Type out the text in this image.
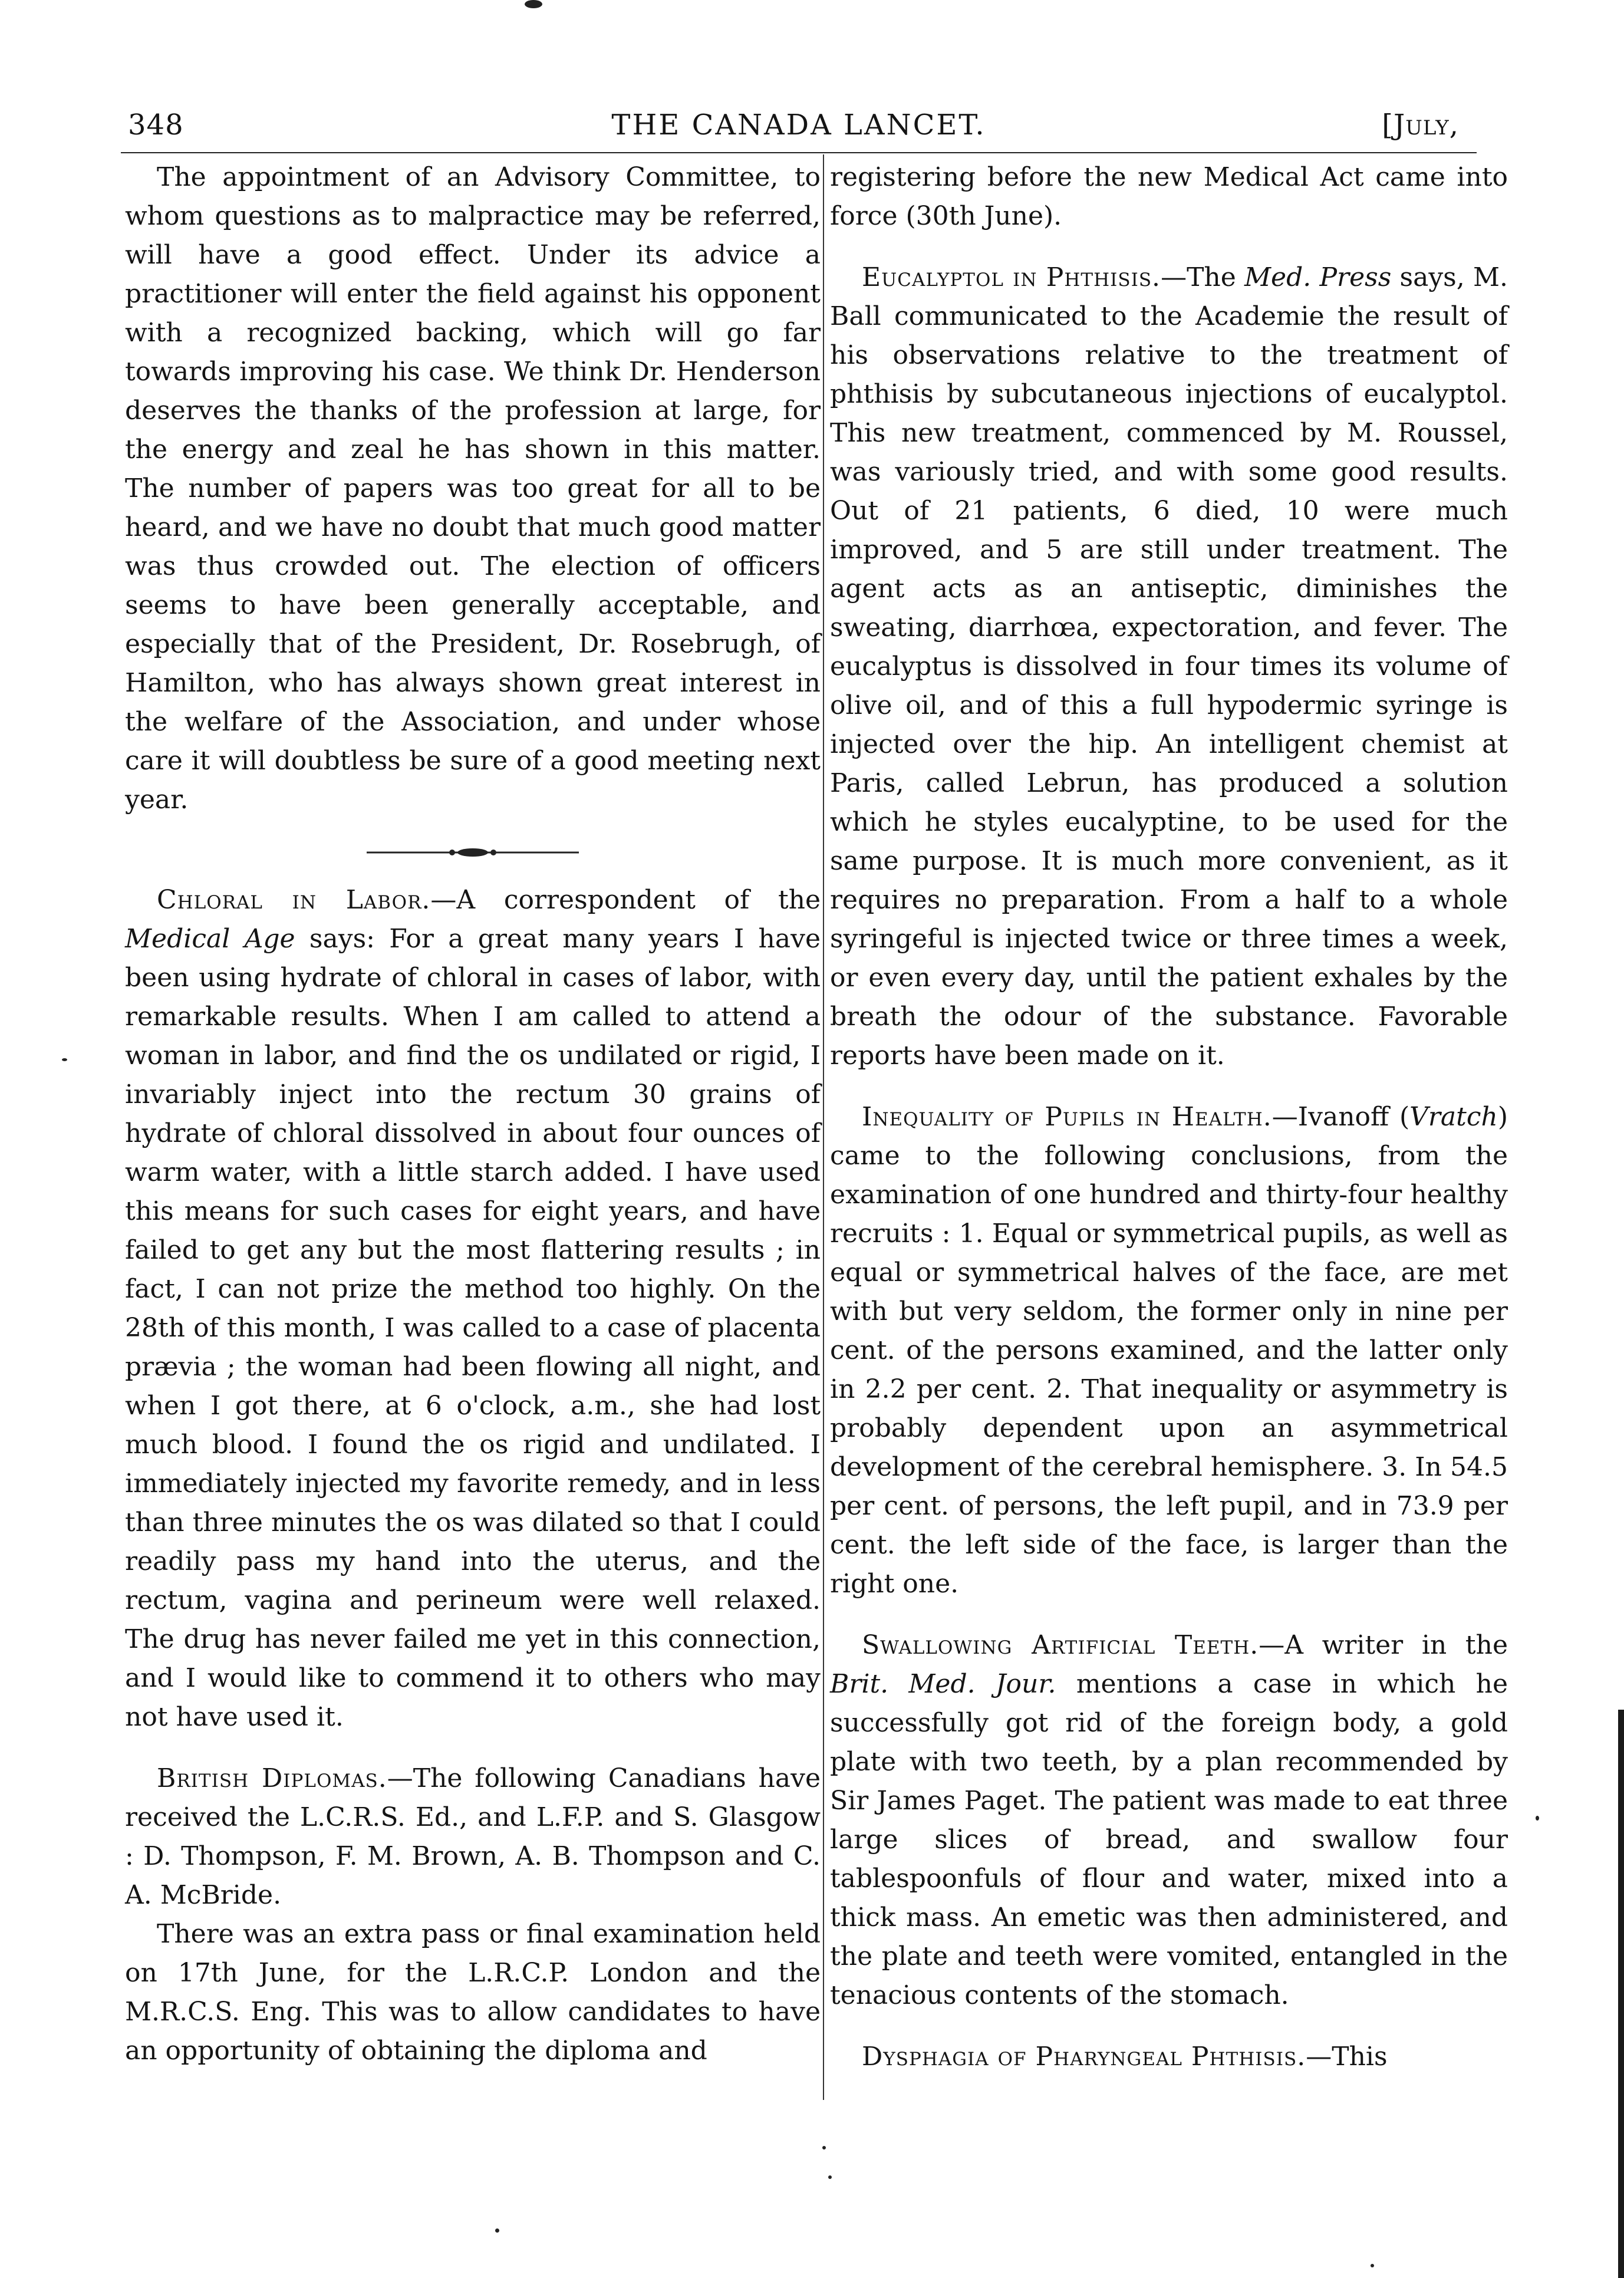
348	THE CANADA LANCET.	[July,

The appointment of an Advisory Committee, to whom questions as to malpractice may be referred, will have a good effect. Under its advice a practitioner will enter the field against his opponent with a recognized backing, which will go far towards improving his case. We think Dr. Henderson deserves the thanks of the profession at large, for the energy and zeal he has shown in this matter. The number of papers was too great for all to be heard, and we have no doubt that much good matter was thus crowded out. The election of officers seems to have been generally acceptable, and especially that of the President, Dr. Rosebrugh, of Hamilton, who has always shown great interest in the welfare of the Association, and under whose care it will doubtless be sure of a good meeting next year.

Chloral in Labor.—A correspondent of the Medical Age says: For a great many years I have been using hydrate of chloral in cases of labor, with remarkable results. When I am called to attend a woman in labor, and find the os undilated or rigid, I invariably inject into the rectum 30 grains of hydrate of chloral dissolved in about four ounces of warm water, with a little starch added. I have used this means for such cases for eight years, and have failed to get any but the most flattering results ; in fact, I can not prize the method too highly. On the 28th of this month, I was called to a case of placenta prævia ; the woman had been flowing all night, and when I got there, at 6 o'clock, a.m., she had lost much blood. I found the os rigid and undilated. I immediately injected my favorite remedy, and in less than three minutes the os was dilated so that I could readily pass my hand into the uterus, and the rectum, vagina and perineum were well relaxed. The drug has never failed me yet in this connection, and I would like to commend it to others who may not have used it.

British Diplomas.—The following Canadians have received the L.C.R.S. Ed., and L.F.P. and S. Glasgow : D. Thompson, F. M. Brown, A. B. Thompson and C. A. McBride.

There was an extra pass or final examination held on 17th June, for the L.R.C.P. London and the M.R.C.S. Eng. This was to allow candidates to have an opportunity of obtaining the diploma and

registering before the new Medical Act came into force (30th June).

Eucalyptol in Phthisis.—The Med. Press says, M. Ball communicated to the Academie the result of his observations relative to the treatment of phthisis by subcutaneous injections of eucalyptol. This new treatment, commenced by M. Roussel, was variously tried, and with some good results. Out of 21 patients, 6 died, 10 were much improved, and 5 are still under treatment. The agent acts as an antiseptic, diminishes the sweating, diarrhœa, expectoration, and fever. The eucalyptus is dissolved in four times its volume of olive oil, and of this a full hypodermic syringe is injected over the hip. An intelligent chemist at Paris, called Lebrun, has produced a solution which he styles eucalyptine, to be used for the same purpose. It is much more convenient, as it requires no preparation. From a half to a whole syringeful is injected twice or three times a week, or even every day, until the patient exhales by the breath the odour of the substance. Favorable reports have been made on it.

Inequality of Pupils in Health.—Ivanoff (Vratch) came to the following conclusions, from the examination of one hundred and thirty-four healthy recruits : 1. Equal or symmetrical pupils, as well as equal or symmetrical halves of the face, are met with but very seldom, the former only in nine per cent. of the persons examined, and the latter only in 2.2 per cent. 2. That inequality or asymmetry is probably dependent upon an asymmetrical development of the cerebral hemisphere. 3. In 54.5 per cent. of persons, the left pupil, and in 73.9 per cent. the left side of the face, is larger than the right one.

Swallowing Artificial Teeth.—A writer in the Brit. Med. Jour. mentions a case in which he successfully got rid of the foreign body, a gold plate with two teeth, by a plan recommended by Sir James Paget. The patient was made to eat three large slices of bread, and swallow four tablespoonfuls of flour and water, mixed into a thick mass. An emetic was then administered, and the plate and teeth were vomited, entangled in the tenacious contents of the stomach.

Dysphagia of Pharyngeal Phthisis.—This
